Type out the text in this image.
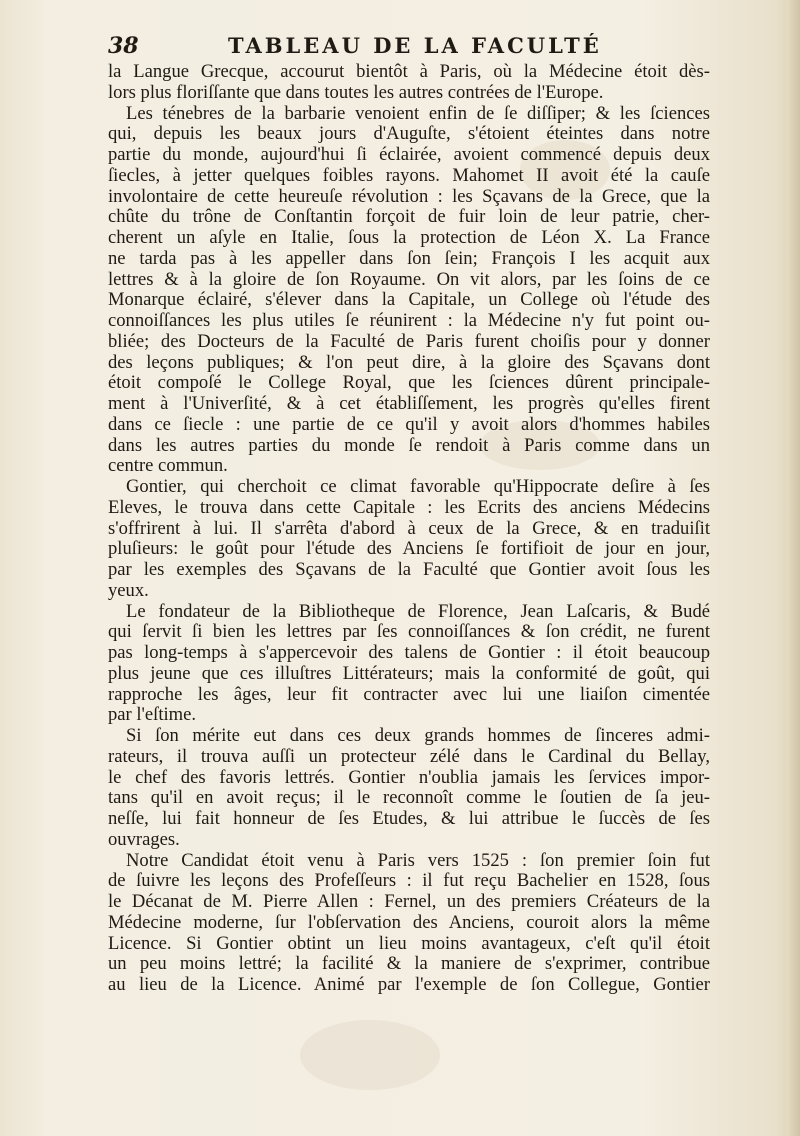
38	TABLEAU DE LA FACULTÉ
la Langue Grecque, accourut bientôt à Paris, où la Médecine étoit dès-
lors plus floriſſante que dans toutes les autres contrées de l'Europe.
Les ténebres de la barbarie venoient enfin de ſe diſſiper; & les ſciences
qui, depuis les beaux jours d'Auguſte, s'étoient éteintes dans notre
partie du monde, aujourd'hui ſi éclairée, avoient commencé depuis deux
ſiecles, à jetter quelques foibles rayons. Mahomet II avoit été la cauſe
involontaire de cette heureuſe révolution : les Sçavans de la Grece, que la
chûte du trône de Conſtantin forçoit de fuir loin de leur patrie, cher-
cherent un aſyle en Italie, ſous la protection de Léon X. La France
ne tarda pas à les appeller dans ſon ſein; François I les acquit aux
lettres & à la gloire de ſon Royaume. On vit alors, par les ſoins de ce
Monarque éclairé, s'élever dans la Capitale, un College où l'étude des
connoiſſances les plus utiles ſe réunirent : la Médecine n'y fut point ou-
bliée; des Docteurs de la Faculté de Paris furent choiſis pour y donner
des leçons publiques; & l'on peut dire, à la gloire des Sçavans dont
étoit compoſé le College Royal, que les ſciences dûrent principale-
ment à l'Univerſité, & à cet établiſſement, les progrès qu'elles firent
dans ce ſiecle : une partie de ce qu'il y avoit alors d'hommes habiles
dans les autres parties du monde ſe rendoit à Paris comme dans un
centre commun.
Gontier, qui cherchoit ce climat favorable qu'Hippocrate deſire à ſes
Eleves, le trouva dans cette Capitale : les Ecrits des anciens Médecins
s'offrirent à lui. Il s'arrêta d'abord à ceux de la Grece, & en traduiſit
pluſieurs: le goût pour l'étude des Anciens ſe fortifioit de jour en jour,
par les exemples des Sçavans de la Faculté que Gontier avoit ſous les
yeux.
Le fondateur de la Bibliotheque de Florence, Jean Laſcaris, & Budé
qui ſervit ſi bien les lettres par ſes connoiſſances & ſon crédit, ne furent
pas long-temps à s'appercevoir des talens de Gontier : il étoit beaucoup
plus jeune que ces illuſtres Littérateurs; mais la conformité de goût, qui
rapproche les âges, leur fit contracter avec lui une liaiſon cimentée
par l'eſtime.
Si ſon mérite eut dans ces deux grands hommes de ſinceres admi-
rateurs, il trouva auſſi un protecteur zélé dans le Cardinal du Bellay,
le chef des favoris lettrés. Gontier n'oublia jamais les ſervices impor-
tans qu'il en avoit reçus; il le reconnoît comme le ſoutien de ſa jeu-
neſſe, lui fait honneur de ſes Etudes, & lui attribue le ſuccès de ſes
ouvrages.
Notre Candidat étoit venu à Paris vers 1525 : ſon premier ſoin fut
de ſuivre les leçons des Profeſſeurs : il fut reçu Bachelier en 1528, ſous
le Décanat de M. Pierre Allen : Fernel, un des premiers Créateurs de la
Médecine moderne, ſur l'obſervation des Anciens, couroit alors la même
Licence. Si Gontier obtint un lieu moins avantageux, c'eſt qu'il étoit
un peu moins lettré; la facilité & la maniere de s'exprimer, contribue
au lieu de la Licence. Animé par l'exemple de ſon Collegue, Gontier
